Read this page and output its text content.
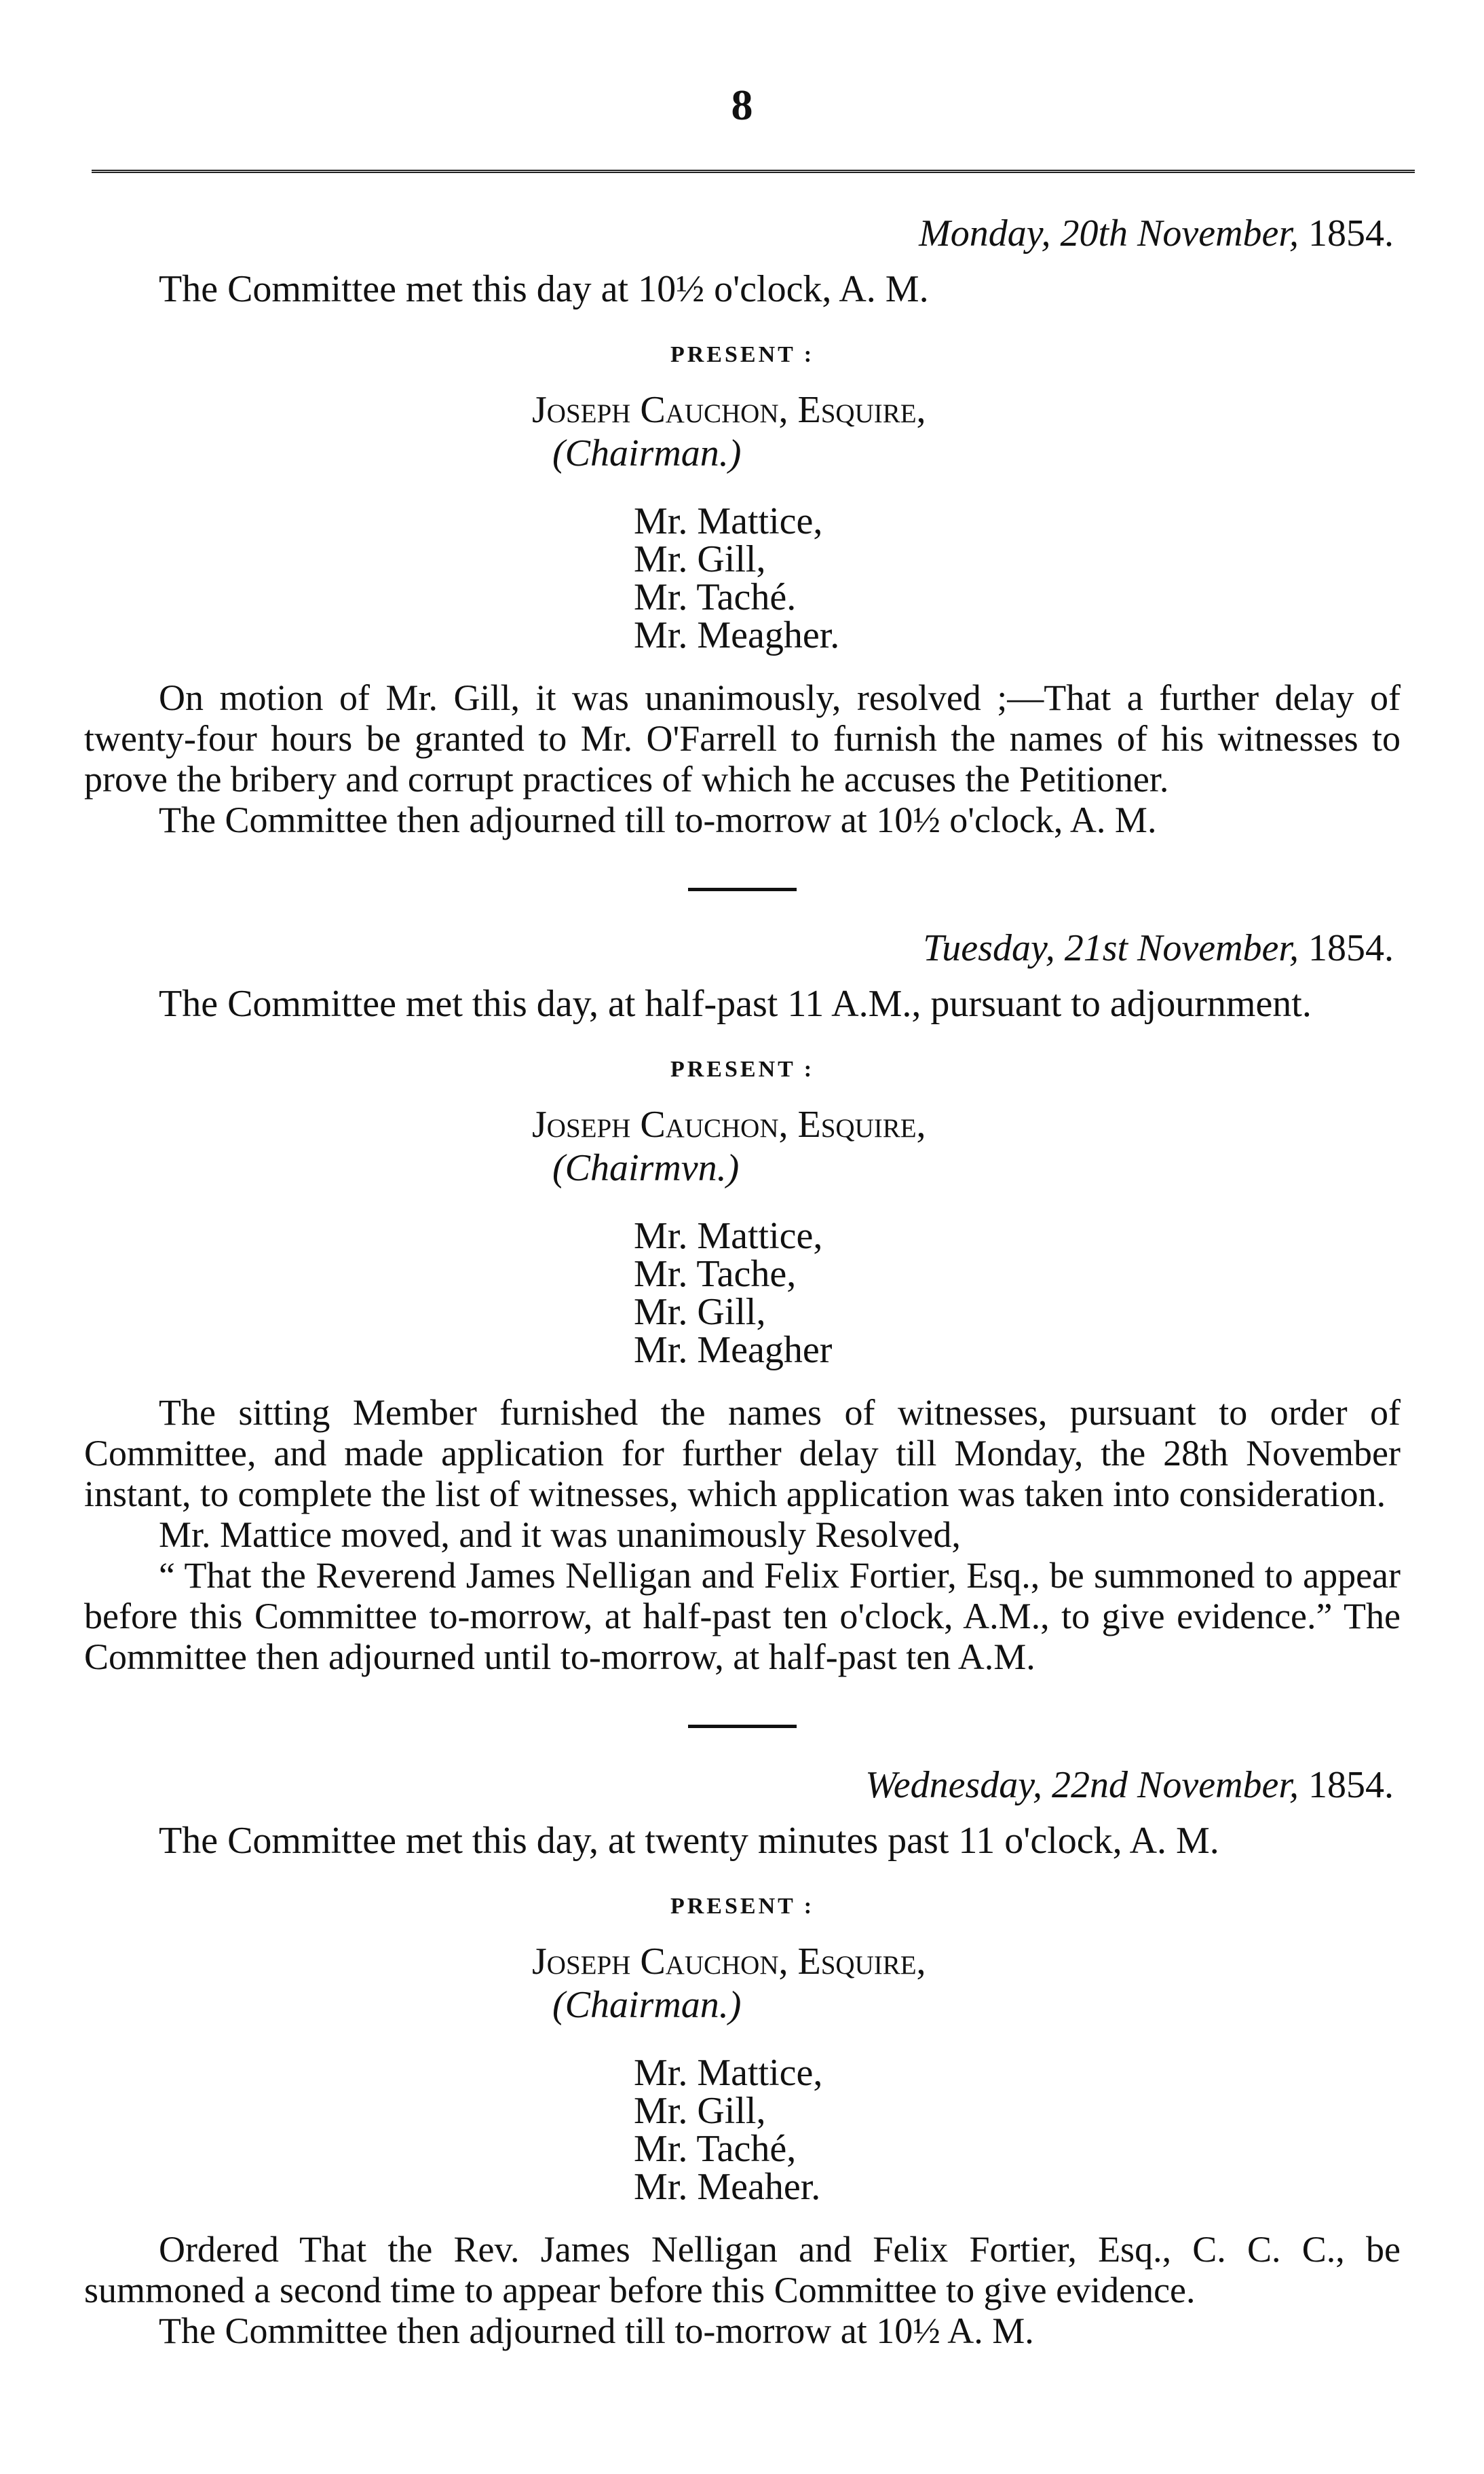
8

Monday, 20th November, 1854.

The Committee met this day at 10½ o'clock, A. M.

PRESENT :
Joseph Cauchon, Esquire,
(Chairman.)
Mr. Mattice,
Mr. Gill,
Mr. Taché.
Mr. Meagher.

On motion of Mr. Gill, it was unanimously, resolved ;—That a further delay of twenty-four hours be granted to Mr. O'Farrell to furnish the names of his witnesses to prove the bribery and corrupt practices of which he accuses the Petitioner.

The Committee then adjourned till to-morrow at 10½ o'clock, A. M.

Tuesday, 21st November, 1854.

The Committee met this day, at half-past 11 A.M., pursuant to adjournment.

PRESENT :
Joseph Cauchon, Esquire,
(Chairmvn.)
Mr. Mattice,
Mr. Tache,
Mr. Gill,
Mr. Meagher

The sitting Member furnished the names of witnesses, pursuant to order of Committee, and made application for further delay till Monday, the 28th November instant, to complete the list of witnesses, which application was taken into consideration.

Mr. Mattice moved, and it was unanimously Resolved,

“ That the Reverend James Nelligan and Felix Fortier, Esq., be summoned to appear before this Committee to-morrow, at half-past ten o'clock, A.M., to give evidence.” The Committee then adjourned until to-morrow, at half-past ten A.M.

Wednesday, 22nd November, 1854.

The Committee met this day, at twenty minutes past 11 o'clock, A. M.

PRESENT :
Joseph Cauchon, Esquire,
(Chairman.)
Mr. Mattice,
Mr. Gill,
Mr. Taché,
Mr. Meaher.

Ordered That the Rev. James Nelligan and Felix Fortier, Esq., C. C. C., be summoned a second time to appear before this Committee to give evidence.

The Committee then adjourned till to-morrow at 10½ A. M.
